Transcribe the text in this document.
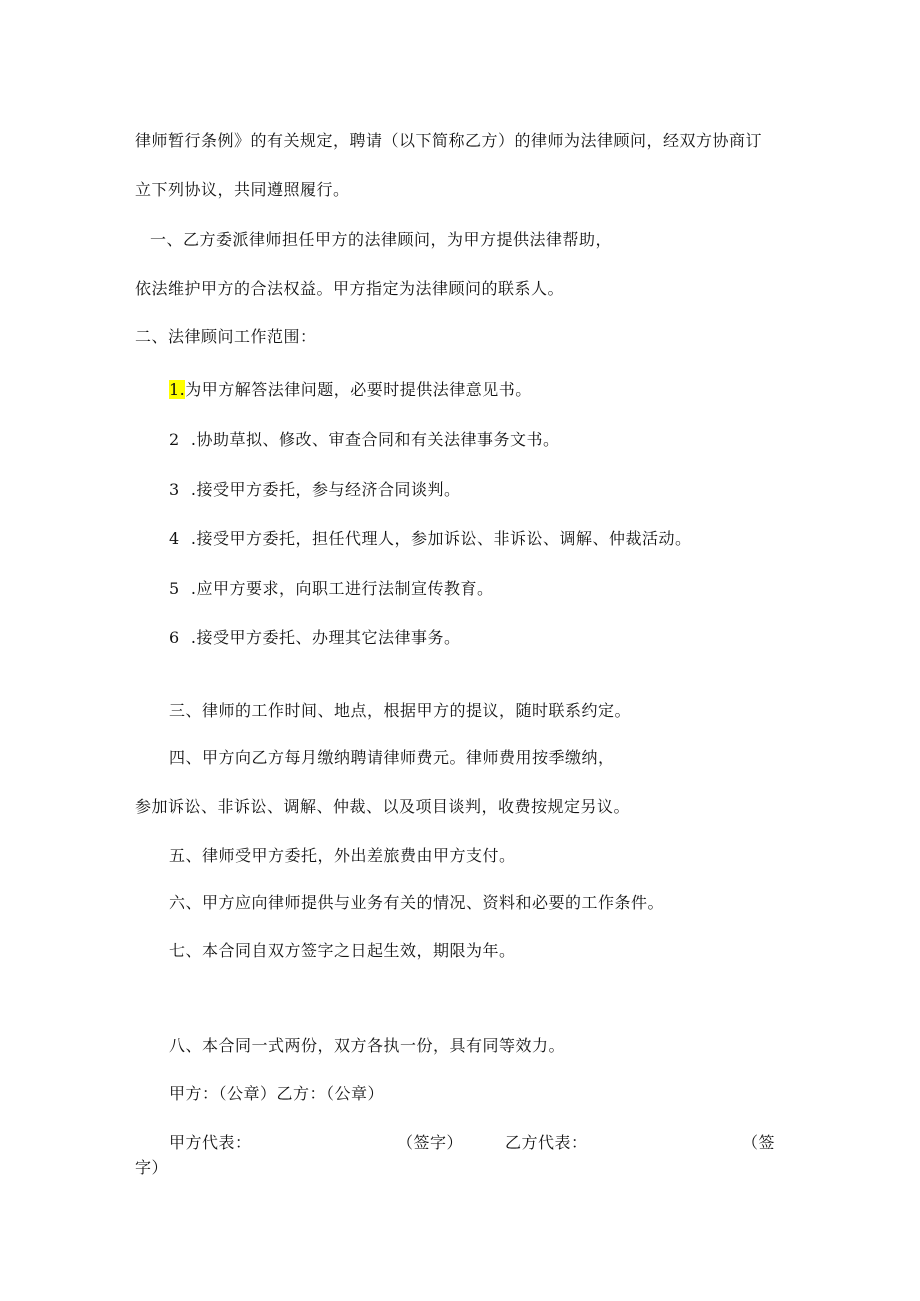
律师暂行条例》的有关规定，聘请（以下简称乙方）的律师为法律顾问，经双方协商订
立下列协议，共同遵照履行。
一、乙方委派律师担任甲方的法律顾问，为甲方提供法律帮助，
依法维护甲方的合法权益。甲方指定为法律顾问的联系人。
二、法律顾问工作范围：
1.为甲方解答法律问题，必要时提供法律意见书。
2 .协助草拟、修改、审查合同和有关法律事务文书。
3 .接受甲方委托，参与经济合同谈判。
4 .接受甲方委托，担任代理人，参加诉讼、非诉讼、调解、仲裁活动。
5 .应甲方要求，向职工进行法制宣传教育。
6 .接受甲方委托、办理其它法律事务。
三、律师的工作时间、地点，根据甲方的提议，随时联系约定。
四、甲方向乙方每月缴纳聘请律师费元。律师费用按季缴纳，
参加诉讼、非诉讼、调解、仲裁、以及项目谈判，收费按规定另议。
五、律师受甲方委托，外出差旅费由甲方支付。
六、甲方应向律师提供与业务有关的情况、资料和必要的工作条件。
七、本合同自双方签字之日起生效，期限为年。
八、本合同一式两份，双方各执一份，具有同等效力。
甲方：（公章）乙方：（公章）
甲方代表：	（签字）	乙方代表：	（签
字）
